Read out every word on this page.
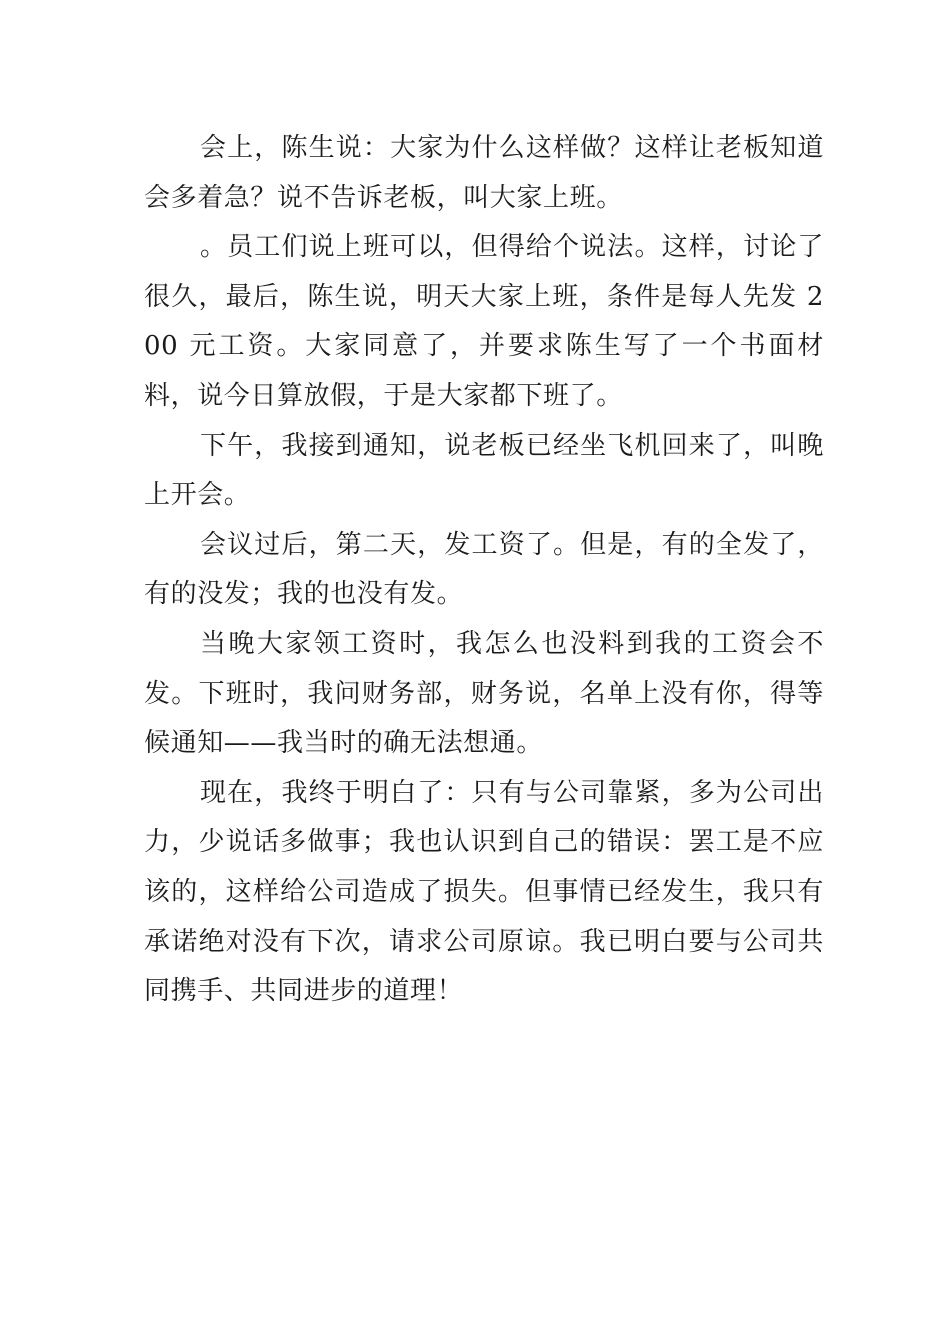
会上，陈生说：大家为什么这样做？这样让老板知道会多着急？说不告诉老板，叫大家上班。

。员工们说上班可以，但得给个说法。这样，讨论了很久，最后，陈生说，明天大家上班，条件是每人先发 200 元工资。大家同意了，并要求陈生写了一个书面材料，说今日算放假，于是大家都下班了。

下午，我接到通知，说老板已经坐飞机回来了，叫晚上开会。

会议过后，第二天，发工资了。但是，有的全发了，有的没发；我的也没有发。

当晚大家领工资时，我怎么也没料到我的工资会不发。下班时，我问财务部，财务说，名单上没有你，得等候通知——我当时的确无法想通。

现在，我终于明白了：只有与公司靠紧，多为公司出力，少说话多做事；我也认识到自己的错误：罢工是不应该的，这样给公司造成了损失。但事情已经发生，我只有承诺绝对没有下次，请求公司原谅。我已明白要与公司共同携手、共同进步的道理！
